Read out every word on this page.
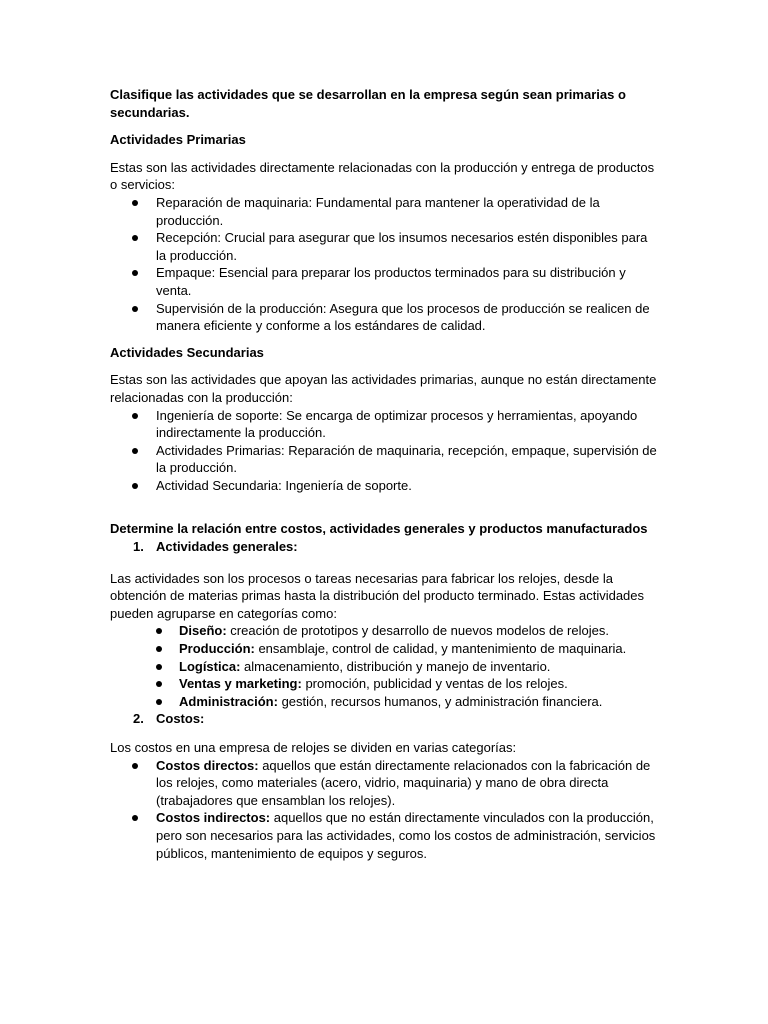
Clasifique las actividades que se desarrollan en la empresa según sean primarias o secundarias.

Actividades Primarias

Estas son las actividades directamente relacionadas con la producción y entrega de productos o servicios:

Reparación de maquinaria: Fundamental para mantener la operatividad de la producción.
Recepción: Crucial para asegurar que los insumos necesarios estén disponibles para la producción.
Empaque: Esencial para preparar los productos terminados para su distribución y venta.
Supervisión de la producción: Asegura que los procesos de producción se realicen de manera eficiente y conforme a los estándares de calidad.

Actividades Secundarias

Estas son las actividades que apoyan las actividades primarias, aunque no están directamente relacionadas con la producción:

Ingeniería de soporte: Se encarga de optimizar procesos y herramientas, apoyando indirectamente la producción.
Actividades Primarias: Reparación de maquinaria, recepción, empaque, supervisión de la producción.
Actividad Secundaria: Ingeniería de soporte.

Determine la relación entre costos, actividades generales y productos manufacturados

1. Actividades generales:

Las actividades son los procesos o tareas necesarias para fabricar los relojes, desde la obtención de materias primas hasta la distribución del producto terminado. Estas actividades pueden agruparse en categorías como:

Diseño: creación de prototipos y desarrollo de nuevos modelos de relojes.
Producción: ensamblaje, control de calidad, y mantenimiento de maquinaria.
Logística: almacenamiento, distribución y manejo de inventario.
Ventas y marketing: promoción, publicidad y ventas de los relojes.
Administración: gestión, recursos humanos, y administración financiera.
2. Costos:

Los costos en una empresa de relojes se dividen en varias categorías:

Costos directos: aquellos que están directamente relacionados con la fabricación de los relojes, como materiales (acero, vidrio, maquinaria) y mano de obra directa (trabajadores que ensamblan los relojes).
Costos indirectos: aquellos que no están directamente vinculados con la producción, pero son necesarios para las actividades, como los costos de administración, servicios públicos, mantenimiento de equipos y seguros.
